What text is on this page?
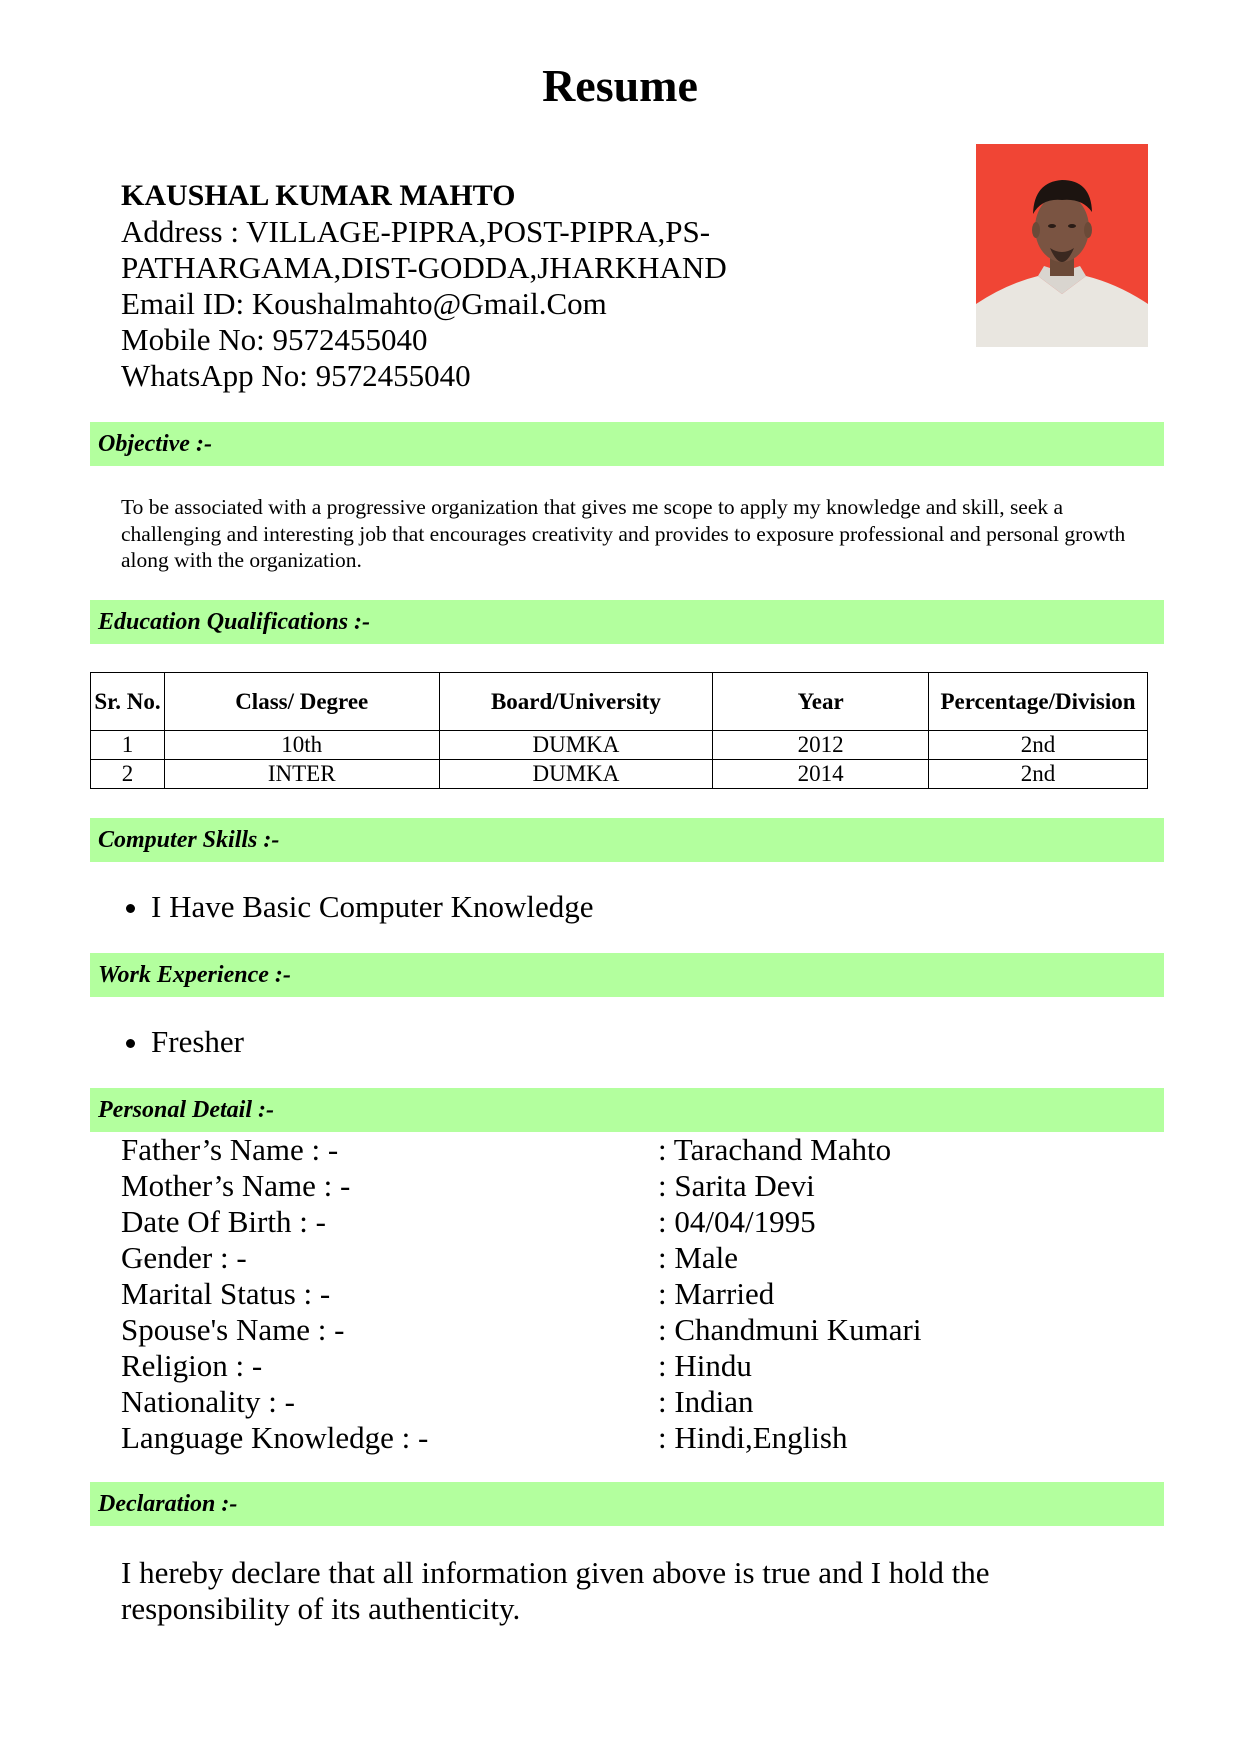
Resume
KAUSHAL KUMAR MAHTO
Address : VILLAGE-PIPRA,POST-PIPRA,PS-
PATHARGAMA,DIST-GODDA,JHARKHAND
Email ID: Koushalmahto@Gmail.Com
Mobile No: 9572455040
WhatsApp No: 9572455040
Objective :-
To be associated with a progressive organization that gives me scope to apply my knowledge and skill, seek a challenging and interesting job that encourages creativity and provides to exposure professional and personal growth along with the organization.
Education Qualifications :-
Sr. No.	Class/ Degree	Board/University	Year	Percentage/Division
1	10th	DUMKA	2012	2nd
2	INTER	DUMKA	2014	2nd
Computer Skills :-
• I Have Basic Computer Knowledge
Work Experience :-
• Fresher
Personal Detail :-
Father’s Name : -	: Tarachand Mahto
Mother’s Name : -	: Sarita Devi
Date Of Birth : -	: 04/04/1995
Gender : -	: Male
Marital Status : -	: Married
Spouse's Name : -	: Chandmuni Kumari
Religion : -	: Hindu
Nationality : -	: Indian
Language Knowledge : -	: Hindi,English
Declaration :-
I hereby declare that all information given above is true and I hold the responsibility of its authenticity.
